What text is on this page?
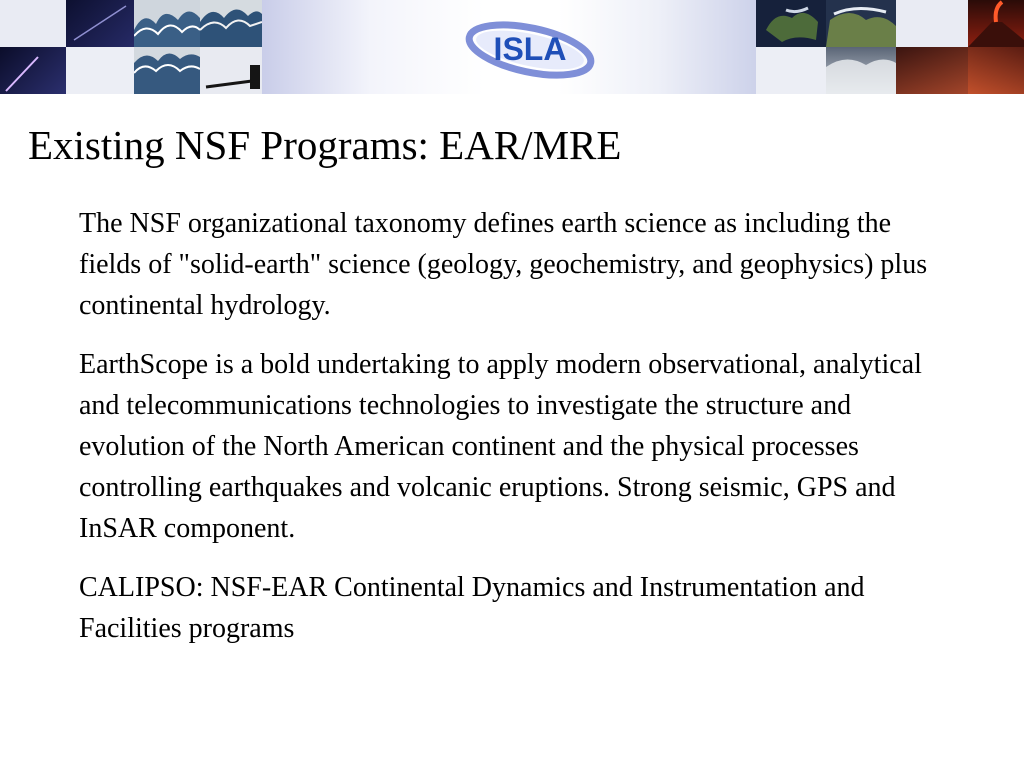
ISLA
Existing NSF Programs: EAR/MRE

The NSF organizational taxonomy defines earth science as including the fields of "solid-earth" science (geology, geochemistry, and geophysics) plus continental hydrology.

EarthScope is a bold undertaking to apply modern observational, analytical and telecommunications technologies to investigate the structure and evolution of the North American continent and the physical processes controlling earthquakes and volcanic eruptions. Strong seismic, GPS and InSAR component.

CALIPSO: NSF-EAR Continental Dynamics and Instrumentation and Facilities programs
